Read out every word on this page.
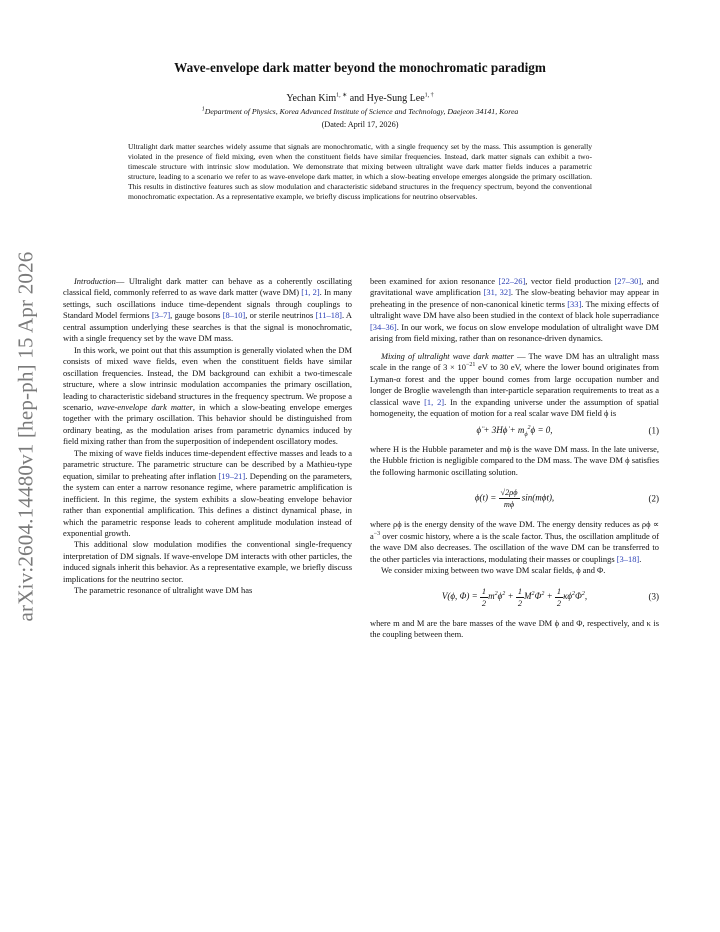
arXiv:2604.14480v1 [hep-ph] 15 Apr 2026
Wave-envelope dark matter beyond the monochromatic paradigm
Yechan Kim$^{1, ∗}$ and Hye-Sung Lee$^{1, \dagger}$
$^1$Department of Physics, Korea Advanced Institute of Science and Technology, Daejeon 34141, Korea
(Dated: April 17, 2026)
Ultralight dark matter searches widely assume that signals are monochromatic, with a single frequency set by the mass. This assumption is generally violated in the presence of field mixing, even when the constituent fields have similar frequencies. Instead, dark matter signals can exhibit a two-timescale structure with intrinsic slow modulation. We demonstrate that mixing between ultralight wave dark matter fields induces a parametric structure, leading to a scenario we refer to as wave-envelope dark matter, in which a slow-beating envelope emerges alongside the primary oscillation. This results in distinctive features such as slow modulation and characteristic sideband structures in the frequency spectrum, beyond the conventional monochromatic expectation. As a representative example, we briefly discuss implications for neutrino observables.

Introduction— Ultralight dark matter can behave as a coherently oscillating classical field, commonly referred to as wave dark matter (wave DM) [1, 2]. In many settings, such oscillations induce time-dependent signals through couplings to Standard Model fermions [3–7], gauge bosons [8–10], or sterile neutrinos [11–18]. A central assumption underlying these searches is that the signal is monochromatic, with a single frequency set by the wave DM mass.

In this work, we point out that this assumption is generally violated when the DM consists of mixed wave fields, even when the constituent fields have similar oscillation frequencies. Instead, the DM background can exhibit a two-timescale structure, where a slow intrinsic modulation accompanies the primary oscillation, leading to characteristic sideband structures in the frequency spectrum. We propose a scenario, wave-envelope dark matter, in which a slow-beating envelope emerges together with the primary oscillation. This behavior should be distinguished from ordinary beating, as the modulation arises from parametric dynamics induced by field mixing rather than from the superposition of independent oscillatory modes.

The mixing of wave fields induces time-dependent effective masses and leads to a parametric structure. The parametric structure can be described by a Mathieu-type equation, similar to preheating after inflation [19–21]. Depending on the parameters, the system can enter a narrow resonance regime, where parametric amplification is inefficient. In this regime, the system exhibits a slow-beating envelope behavior rather than exponential amplification. This defines a distinct dynamical phase, in which the parametric response leads to coherent amplitude modulation instead of exponential growth.

This additional slow modulation modifies the conventional single-frequency interpretation of DM signals. If wave-envelope DM interacts with other particles, the induced signals inherit this behavior. As a representative example, we briefly discuss implications for the neutrino sector.

The parametric resonance of ultralight wave DM has

been examined for axion resonance [22–26], vector field production [27–30], and gravitational wave amplification [31, 32]. The slow-beating behavior may appear in preheating in the presence of non-canonical kinetic terms [33]. The mixing effects of ultralight wave DM have also been studied in the context of black hole superradiance [34–36]. In our work, we focus on slow envelope modulation of ultralight wave DM arising from field mixing, rather than on resonance-driven dynamics.

Mixing of ultralight wave dark matter — The wave DM has an ultralight mass scale in the range of $3 \times 10^{-21}$ eV to 30 eV, where the lower bound originates from Lyman-α forest and the upper bound comes from large occupation number and longer de Broglie wavelength than inter-particle separation requirements to treat as a classical wave [1, 2]. In the expanding universe under the assumption of spatial homogeneity, the equation of motion for a real scalar wave DM field ϕ is

ϕ̈ + 3Hϕ̇ + $m_\phi^2\phi = 0$,	(1)

where H is the Hubble parameter and mϕ is the wave DM mass. In the late universe, the Hubble friction is negligible compared to the DM mass. The wave DM ϕ satisfies the following harmonic oscillating solution.

$\phi(t) = \frac{√2\rho\phi}{m\phi} \sin(m\phi t)$,	(2)

where ρϕ is the energy density of the wave DM. The energy density reduces as $\rho\phi \propto a^{-3}$ over cosmic history, where a is the scale factor. Thus, the oscillation amplitude of the wave DM also decreases. The oscillation of the wave DM can be transferred to the other particles via interactions, modulating their masses or couplings [3–18].

We consider mixing between two wave DM scalar fields, ϕ and Φ.

V(ϕ, $\Phi) = \frac{1}{2} m^2\phi^2 + \frac{1}{2} M^2\Phi^2 + \frac{1}{2} \kappa\phi^2\Phi^2$,	(3)

where m and M are the bare masses of the wave DM ϕ and Φ, respectively, and κ is the coupling between them.
